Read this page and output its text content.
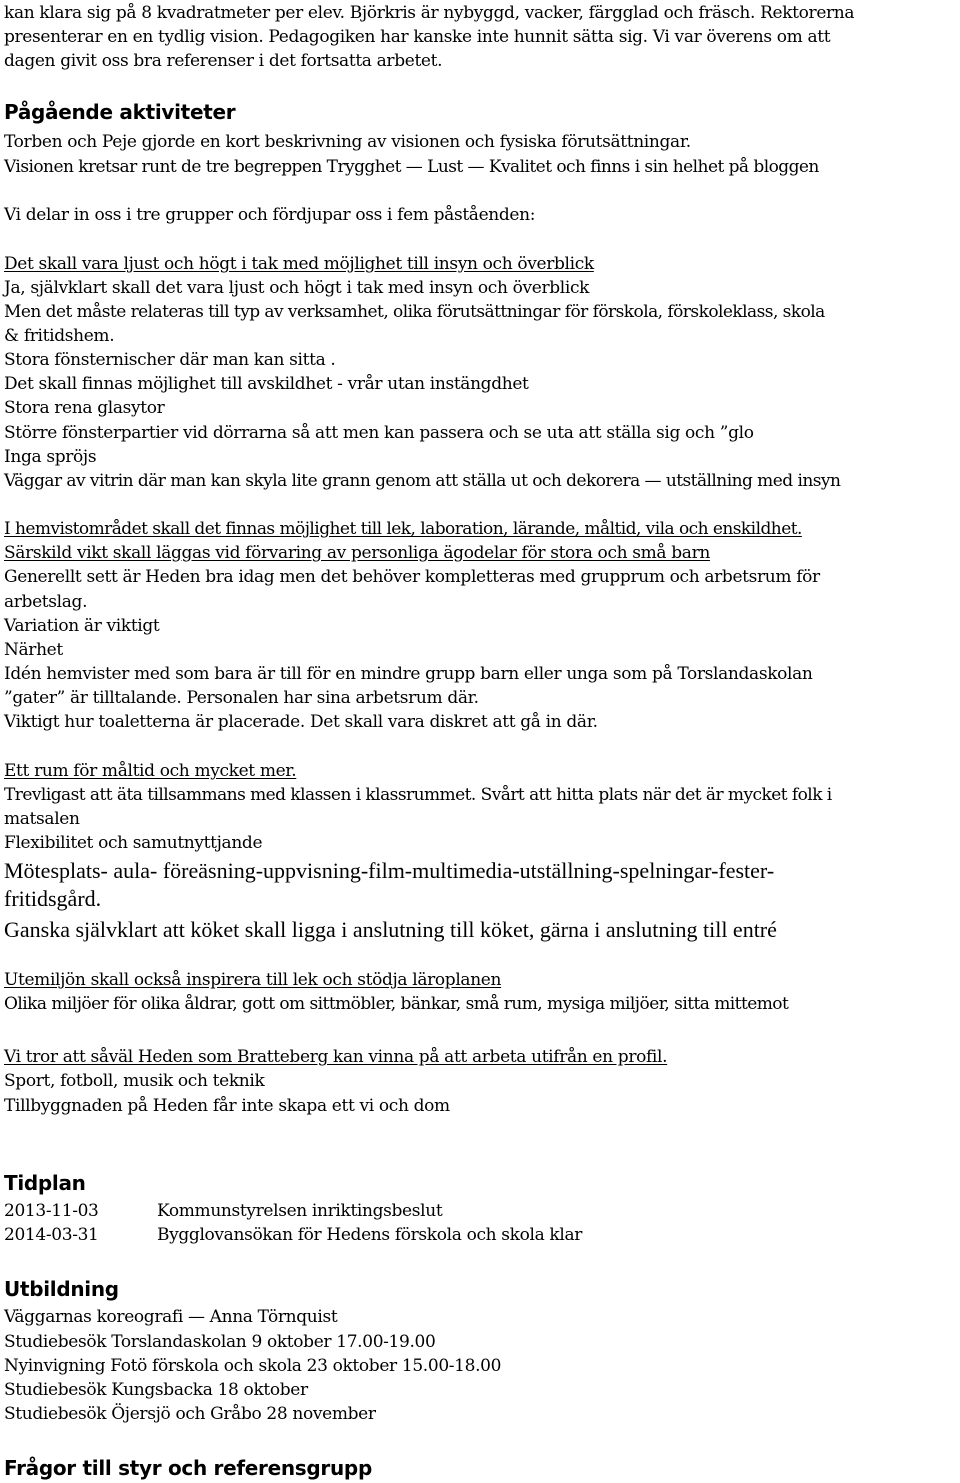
kan klara sig på 8 kvadratmeter per elev. Björkris är nybyggd, vacker, färgglad och fräsch. Rektorerna

presenterar en en tydlig vision. Pedagogiken har kanske inte hunnit sätta sig. Vi var överens om att

dagen givit oss bra referenser i det fortsatta arbetet.

Pågående aktiviteter

Torben och Peje gjorde en kort beskrivning av visionen och fysiska förutsättningar.

Visionen kretsar runt de tre begreppen Trygghet — Lust — Kvalitet och finns i sin helhet på bloggen

Vi delar in oss i tre grupper och fördjupar oss i fem påståenden:

Det skall vara ljust och högt i tak med möjlighet till insyn och överblick

Ja, självklart skall det vara ljust och högt i tak med insyn och överblick

Men det måste relateras till typ av verksamhet, olika förutsättningar för förskola, förskoleklass, skola

& fritidshem.

Stora fönsternischer där man kan sitta .

Det skall finnas möjlighet till avskildhet - vrår utan instängdhet

Stora rena glasytor

Större fönsterpartier vid dörrarna så att men kan passera och se uta att ställa sig och ”glo

Inga spröjs

Väggar av vitrin där man kan skyla lite grann genom att ställa ut och dekorera — utställning med insyn

I hemvistområdet skall det finnas möjlighet till lek, laboration, lärande, måltid, vila och enskildhet.

Särskild vikt skall läggas vid förvaring av personliga ägodelar för stora och små barn

Generellt sett är Heden bra idag men det behöver kompletteras med grupprum och arbetsrum för

arbetslag.

Variation är viktigt

Närhet

Idén hemvister med som bara är till för en mindre grupp barn eller unga som på Torslandaskolan

”gater” är tilltalande. Personalen har sina arbetsrum där.

Viktigt hur toaletterna är placerade. Det skall vara diskret att gå in där.

Ett rum för måltid och mycket mer.

Trevligast att äta tillsammans med klassen i klassrummet. Svårt att hitta plats när det är mycket folk i

matsalen

Flexibilitet och samutnyttjande

Mötesplats- aula- föreäsning-uppvisning-film-multimedia-utställning-spelningar-fester-

fritidsgård.

Ganska självklart att köket skall ligga i anslutning till köket, gärna i anslutning till entré

Utemiljön skall också inspirera till lek och stödja läroplanen

Olika miljöer för olika åldrar, gott om sittmöbler, bänkar, små rum, mysiga miljöer, sitta mittemot

Vi tror att såväl Heden som Bratteberg kan vinna på att arbeta utifrån en profil.

Sport, fotboll, musik och teknik

Tillbyggnaden på Heden får inte skapa ett vi och dom

Tidplan
2013-11-03	Kommunstyrelsen inriktingsbeslut
2014-03-31	Bygglovansökan för Hedens förskola och skola klar
Utbildning

Väggarnas koreografi — Anna Törnquist

Studiebesök Torslandaskolan 9 oktober 17.00-19.00

Nyinvigning Fotö förskola och skola 23 oktober 15.00-18.00

Studiebesök Kungsbacka 18 oktober

Studiebesök Öjersjö och Gråbo 28 november

Frågor till styr och referensgrupp
